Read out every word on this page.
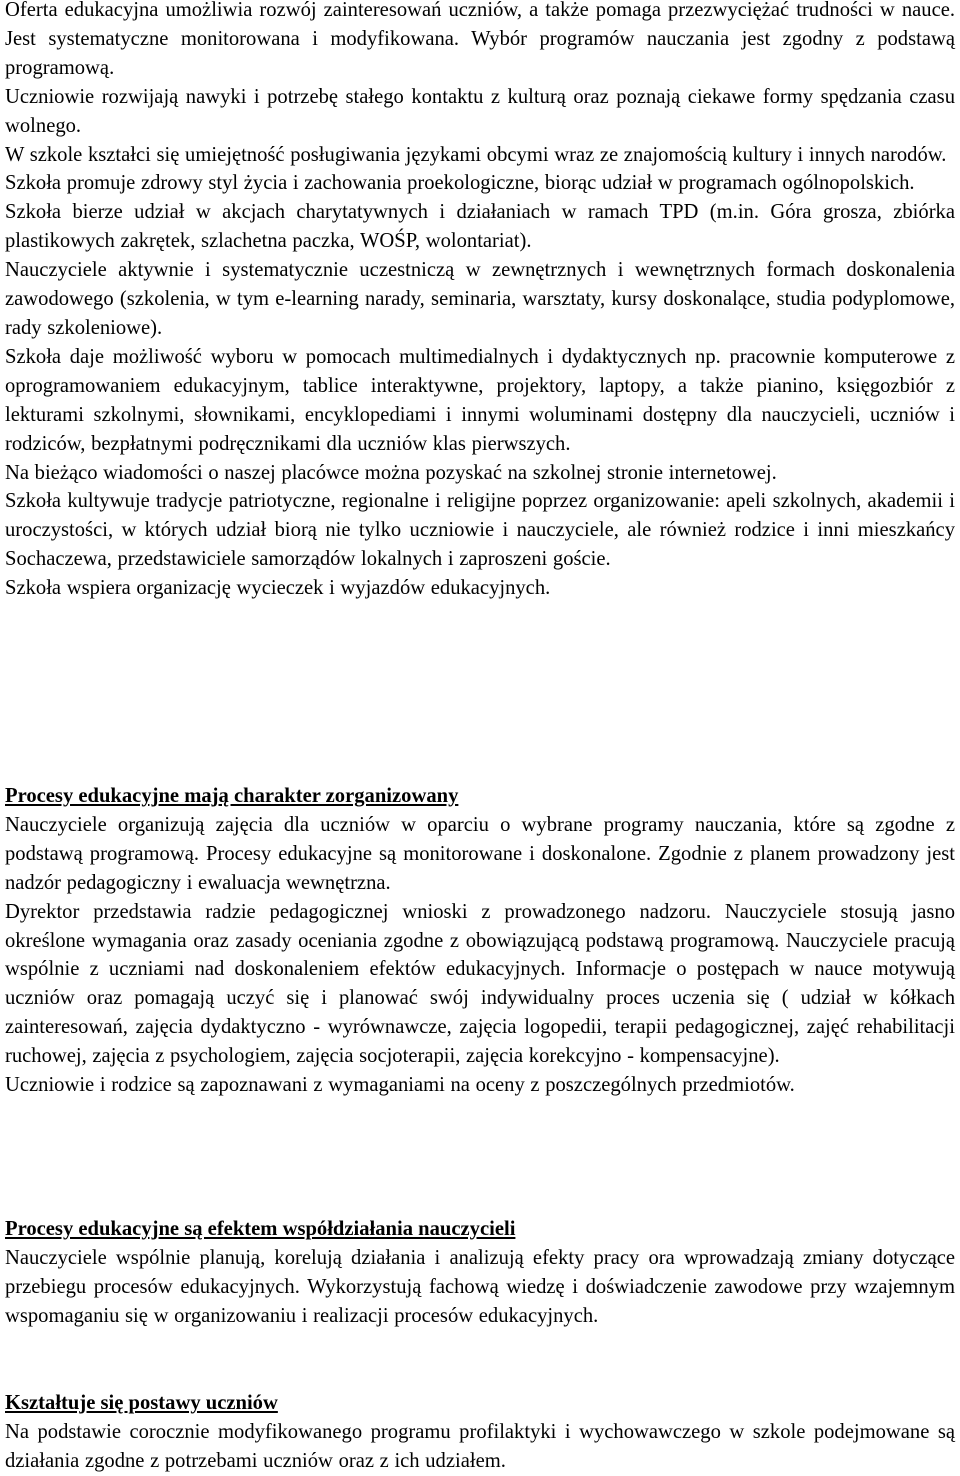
Oferta edukacyjna umożliwia rozwój zainteresowań uczniów, a także pomaga przezwyciężać trudności w nauce. Jest systematyczne monitorowana i modyfikowana. Wybór programów nauczania jest zgodny z podstawą programową.

Uczniowie rozwijają nawyki i potrzebę stałego kontaktu z kulturą oraz poznają ciekawe formy spędzania czasu wolnego.

W szkole kształci się umiejętność posługiwania językami obcymi wraz ze znajomością kultury i innych narodów.

Szkoła promuje zdrowy styl życia i zachowania proekologiczne, biorąc udział w programach ogólnopolskich.

Szkoła bierze udział w akcjach charytatywnych i działaniach w ramach TPD (m.in. Góra grosza, zbiórka plastikowych zakrętek, szlachetna paczka, WOŚP, wolontariat).

Nauczyciele aktywnie i systematycznie uczestniczą w zewnętrznych i wewnętrznych formach doskonalenia zawodowego (szkolenia, w tym e-learning narady, seminaria, warsztaty, kursy doskonalące, studia podyplomowe, rady szkoleniowe).

Szkoła daje możliwość wyboru w pomocach multimedialnych i dydaktycznych np. pracownie komputerowe z oprogramowaniem edukacyjnym, tablice interaktywne, projektory, laptopy, a także pianino, księgozbiór z lekturami szkolnymi, słownikami, encyklopediami i innymi woluminami dostępny dla nauczycieli, uczniów i rodziców, bezpłatnymi podręcznikami dla uczniów klas pierwszych.

Na bieżąco wiadomości o naszej placówce można pozyskać na szkolnej stronie internetowej.

Szkoła kultywuje tradycje patriotyczne, regionalne i religijne poprzez organizowanie: apeli szkolnych, akademii i uroczystości, w których udział biorą nie tylko uczniowie i nauczyciele, ale również rodzice i inni mieszkańcy Sochaczewa, przedstawiciele samorządów lokalnych i zaproszeni goście.

Szkoła wspiera organizację wycieczek i wyjazdów edukacyjnych.

Procesy edukacyjne mają charakter zorganizowany

Nauczyciele organizują zajęcia dla uczniów w oparciu o wybrane programy nauczania, które są zgodne z podstawą programową. Procesy edukacyjne są monitorowane i doskonalone. Zgodnie z planem prowadzony jest nadzór pedagogiczny i ewaluacja wewnętrzna.

Dyrektor przedstawia radzie pedagogicznej wnioski z prowadzonego nadzoru. Nauczyciele stosują jasno określone wymagania oraz zasady oceniania zgodne z obowiązującą podstawą programową. Nauczyciele pracują wspólnie z uczniami nad doskonaleniem efektów edukacyjnych. Informacje o postępach w nauce motywują uczniów oraz pomagają uczyć się i planować swój indywidualny proces uczenia się ( udział w kółkach zainteresowań, zajęcia dydaktyczno - wyrównawcze, zajęcia logopedii, terapii pedagogicznej, zajęć rehabilitacji ruchowej, zajęcia z psychologiem, zajęcia socjoterapii, zajęcia korekcyjno - kompensacyjne).

Uczniowie i rodzice są zapoznawani z wymaganiami na oceny z poszczególnych przedmiotów.

Procesy edukacyjne są efektem współdziałania nauczycieli

Nauczyciele wspólnie planują, korelują działania i analizują efekty pracy ora wprowadzają zmiany dotyczące przebiegu procesów edukacyjnych. Wykorzystują fachową wiedzę i doświadczenie zawodowe przy wzajemnym wspomaganiu się w organizowaniu i realizacji procesów edukacyjnych.

Kształtuje się postawy uczniów

Na podstawie corocznie modyfikowanego programu profilaktyki i wychowawczego w szkole podejmowane są działania zgodne z potrzebami uczniów oraz z ich udziałem.
